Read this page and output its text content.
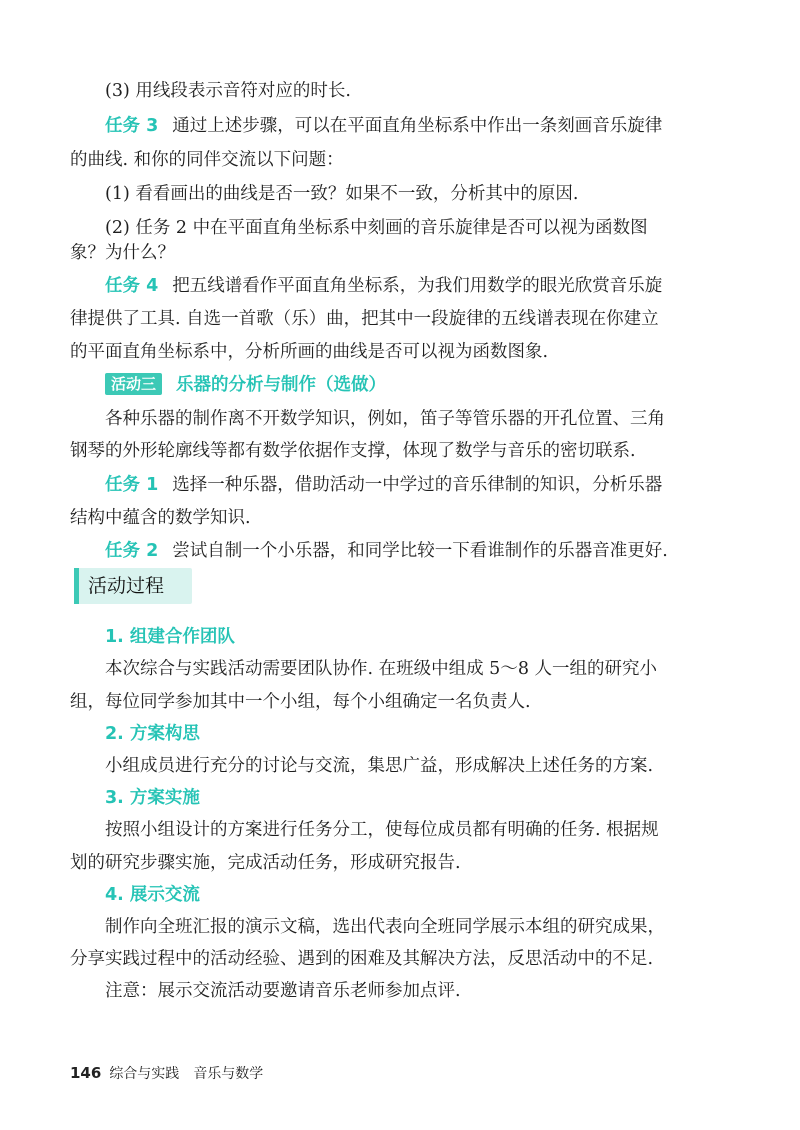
(3) 用线段表示音符对应的时长.
任务 3 通过上述步骤，可以在平面直角坐标系中作出一条刻画音乐旋律
的曲线. 和你的同伴交流以下问题：
(1) 看看画出的曲线是否一致？如果不一致，分析其中的原因.
(2) 任务 2 中在平面直角坐标系中刻画的音乐旋律是否可以视为函数图
象？为什么？
任务 4 把五线谱看作平面直角坐标系，为我们用数学的眼光欣赏音乐旋
律提供了工具. 自选一首歌（乐）曲，把其中一段旋律的五线谱表现在你建立
的平面直角坐标系中，分析所画的曲线是否可以视为函数图象.
活动三 乐器的分析与制作（选做）
各种乐器的制作离不开数学知识，例如，笛子等管乐器的开孔位置、三角
钢琴的外形轮廓线等都有数学依据作支撑，体现了数学与音乐的密切联系.
任务 1 选择一种乐器，借助活动一中学过的音乐律制的知识，分析乐器
结构中蕴含的数学知识.
任务 2 尝试自制一个小乐器，和同学比较一下看谁制作的乐器音准更好.
活动过程
1. 组建合作团队
本次综合与实践活动需要团队协作. 在班级中组成 5～8 人一组的研究小
组，每位同学参加其中一个小组，每个小组确定一名负责人.
2. 方案构思
小组成员进行充分的讨论与交流，集思广益，形成解决上述任务的方案.
3. 方案实施
按照小组设计的方案进行任务分工，使每位成员都有明确的任务. 根据规
划的研究步骤实施，完成活动任务，形成研究报告.
4. 展示交流
制作向全班汇报的演示文稿，选出代表向全班同学展示本组的研究成果，
分享实践过程中的活动经验、遇到的困难及其解决方法，反思活动中的不足.
注意：展示交流活动要邀请音乐老师参加点评.
146 综合与实践 音乐与数学
